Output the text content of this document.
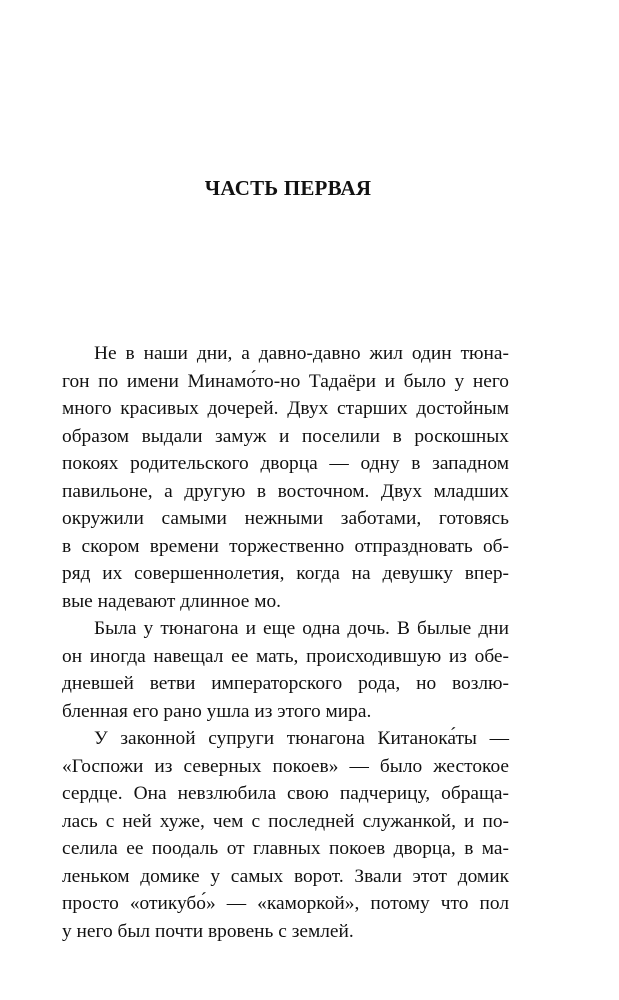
ЧАСТЬ ПЕРВАЯ

Не в наши дни, а давно-давно жил один тюна-
гон по имени Минамо́то-но Тадаёри и было у него
много красивых дочерей. Двух старших достойным
образом выдали замуж и поселили в роскошных
покоях родительского дворца — одну в западном
павильоне, а другую в восточном. Двух младших
окружили самыми нежными заботами, готовясь
в скором времени торжественно отпраздновать об-
ряд их совершеннолетия, когда на девушку впер-
вые надевают длинное мо.

Была у тюнагона и еще одна дочь. В былые дни
он иногда навещал ее мать, происходившую из обе-
дневшей ветви императорского рода, но возлю-
бленная его рано ушла из этого мира.

У законной супруги тюнагона Китанока́ты —
«Госпожи из северных покоев» — было жестокое
сердце. Она невзлюбила свою падчерицу, обраща-
лась с ней хуже, чем с последней служанкой, и по-
селила ее поодаль от главных покоев дворца, в ма-
леньком домике у самых ворот. Звали этот домик
просто «отикубо́» — «каморкой», потому что пол
у него был почти вровень с землей.
